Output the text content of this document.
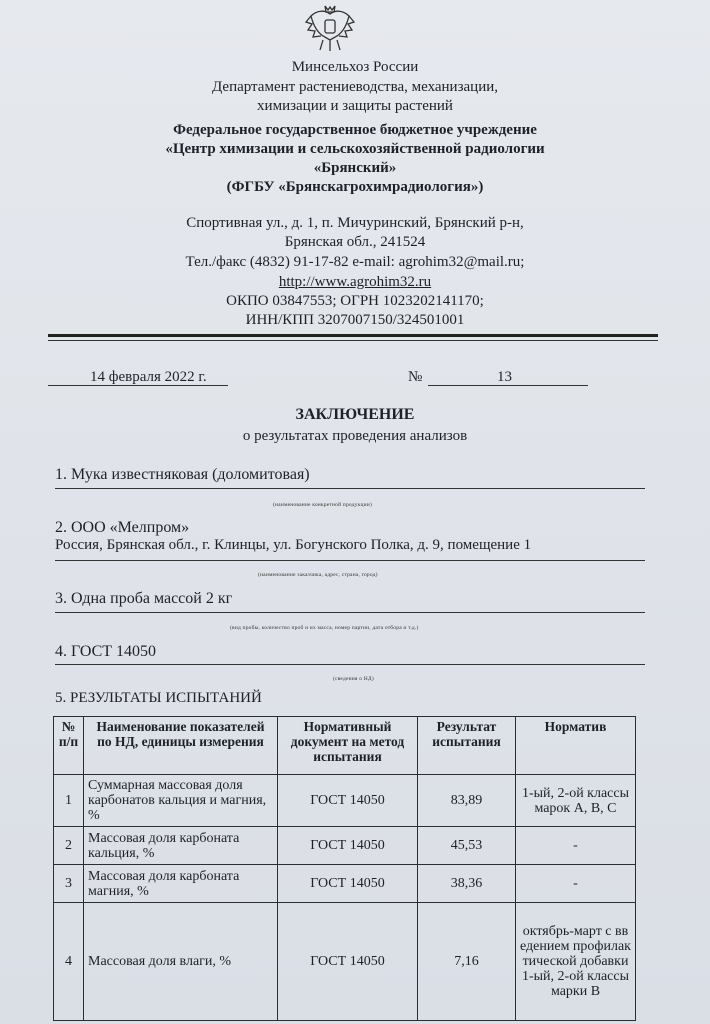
Минсельхоз России
Департамент растениеводства, механизации,
химизации и защиты растений
Федеральное государственное бюджетное учреждение
«Центр химизации и сельскохозяйственной радиологии
«Брянский»
(ФГБУ «Брянскагрохимрадиология»)
Спортивная ул., д. 1, п. Мичуринский, Брянский р-н,
Брянская обл., 241524
Тел./факс (4832) 91-17-82 e-mail: agrohim32@mail.ru;
http://www.agrohim32.ru
ОКПО 03847553; ОГРН 1023202141170;
ИНН/КПП 3207007150/324501001
14 февраля 2022 г.	№	13
ЗАКЛЮЧЕНИЕ
о результатах проведения анализов
1. Мука известняковая (доломитовая)
(наименование конкретной продукции)
2. ООО «Мелпром»
Россия, Брянская обл., г. Клинцы, ул. Богунского Полка, д. 9, помещение 1
(наименование заказчика, адрес, страна, город)
3. Одна проба массой 2 кг
(вид пробы, количество проб и их масса, номер партии, дата отбора и т.д.)
4. ГОСТ 14050
(сведения о НД)
5. РЕЗУЛЬТАТЫ ИСПЫТАНИЙ
№ п/п	Наименование показателей по НД, единицы измерения	Нормативный документ на метод испытания	Результат испытания	Норматив
1	Суммарная массовая доля карбонатов кальция и магния, %	ГОСТ 14050	83,89	1-ый, 2-ой классы марок А, В, С
2	Массовая доля карбоната кальция, %	ГОСТ 14050	45,53	-
3	Массовая доля карбоната магния, %	ГОСТ 14050	38,36	-
4	Массовая доля влаги, %	ГОСТ 14050	7,16	октябрь-март с введением профилактической добавки 1-ый, 2-ой классы марки В
